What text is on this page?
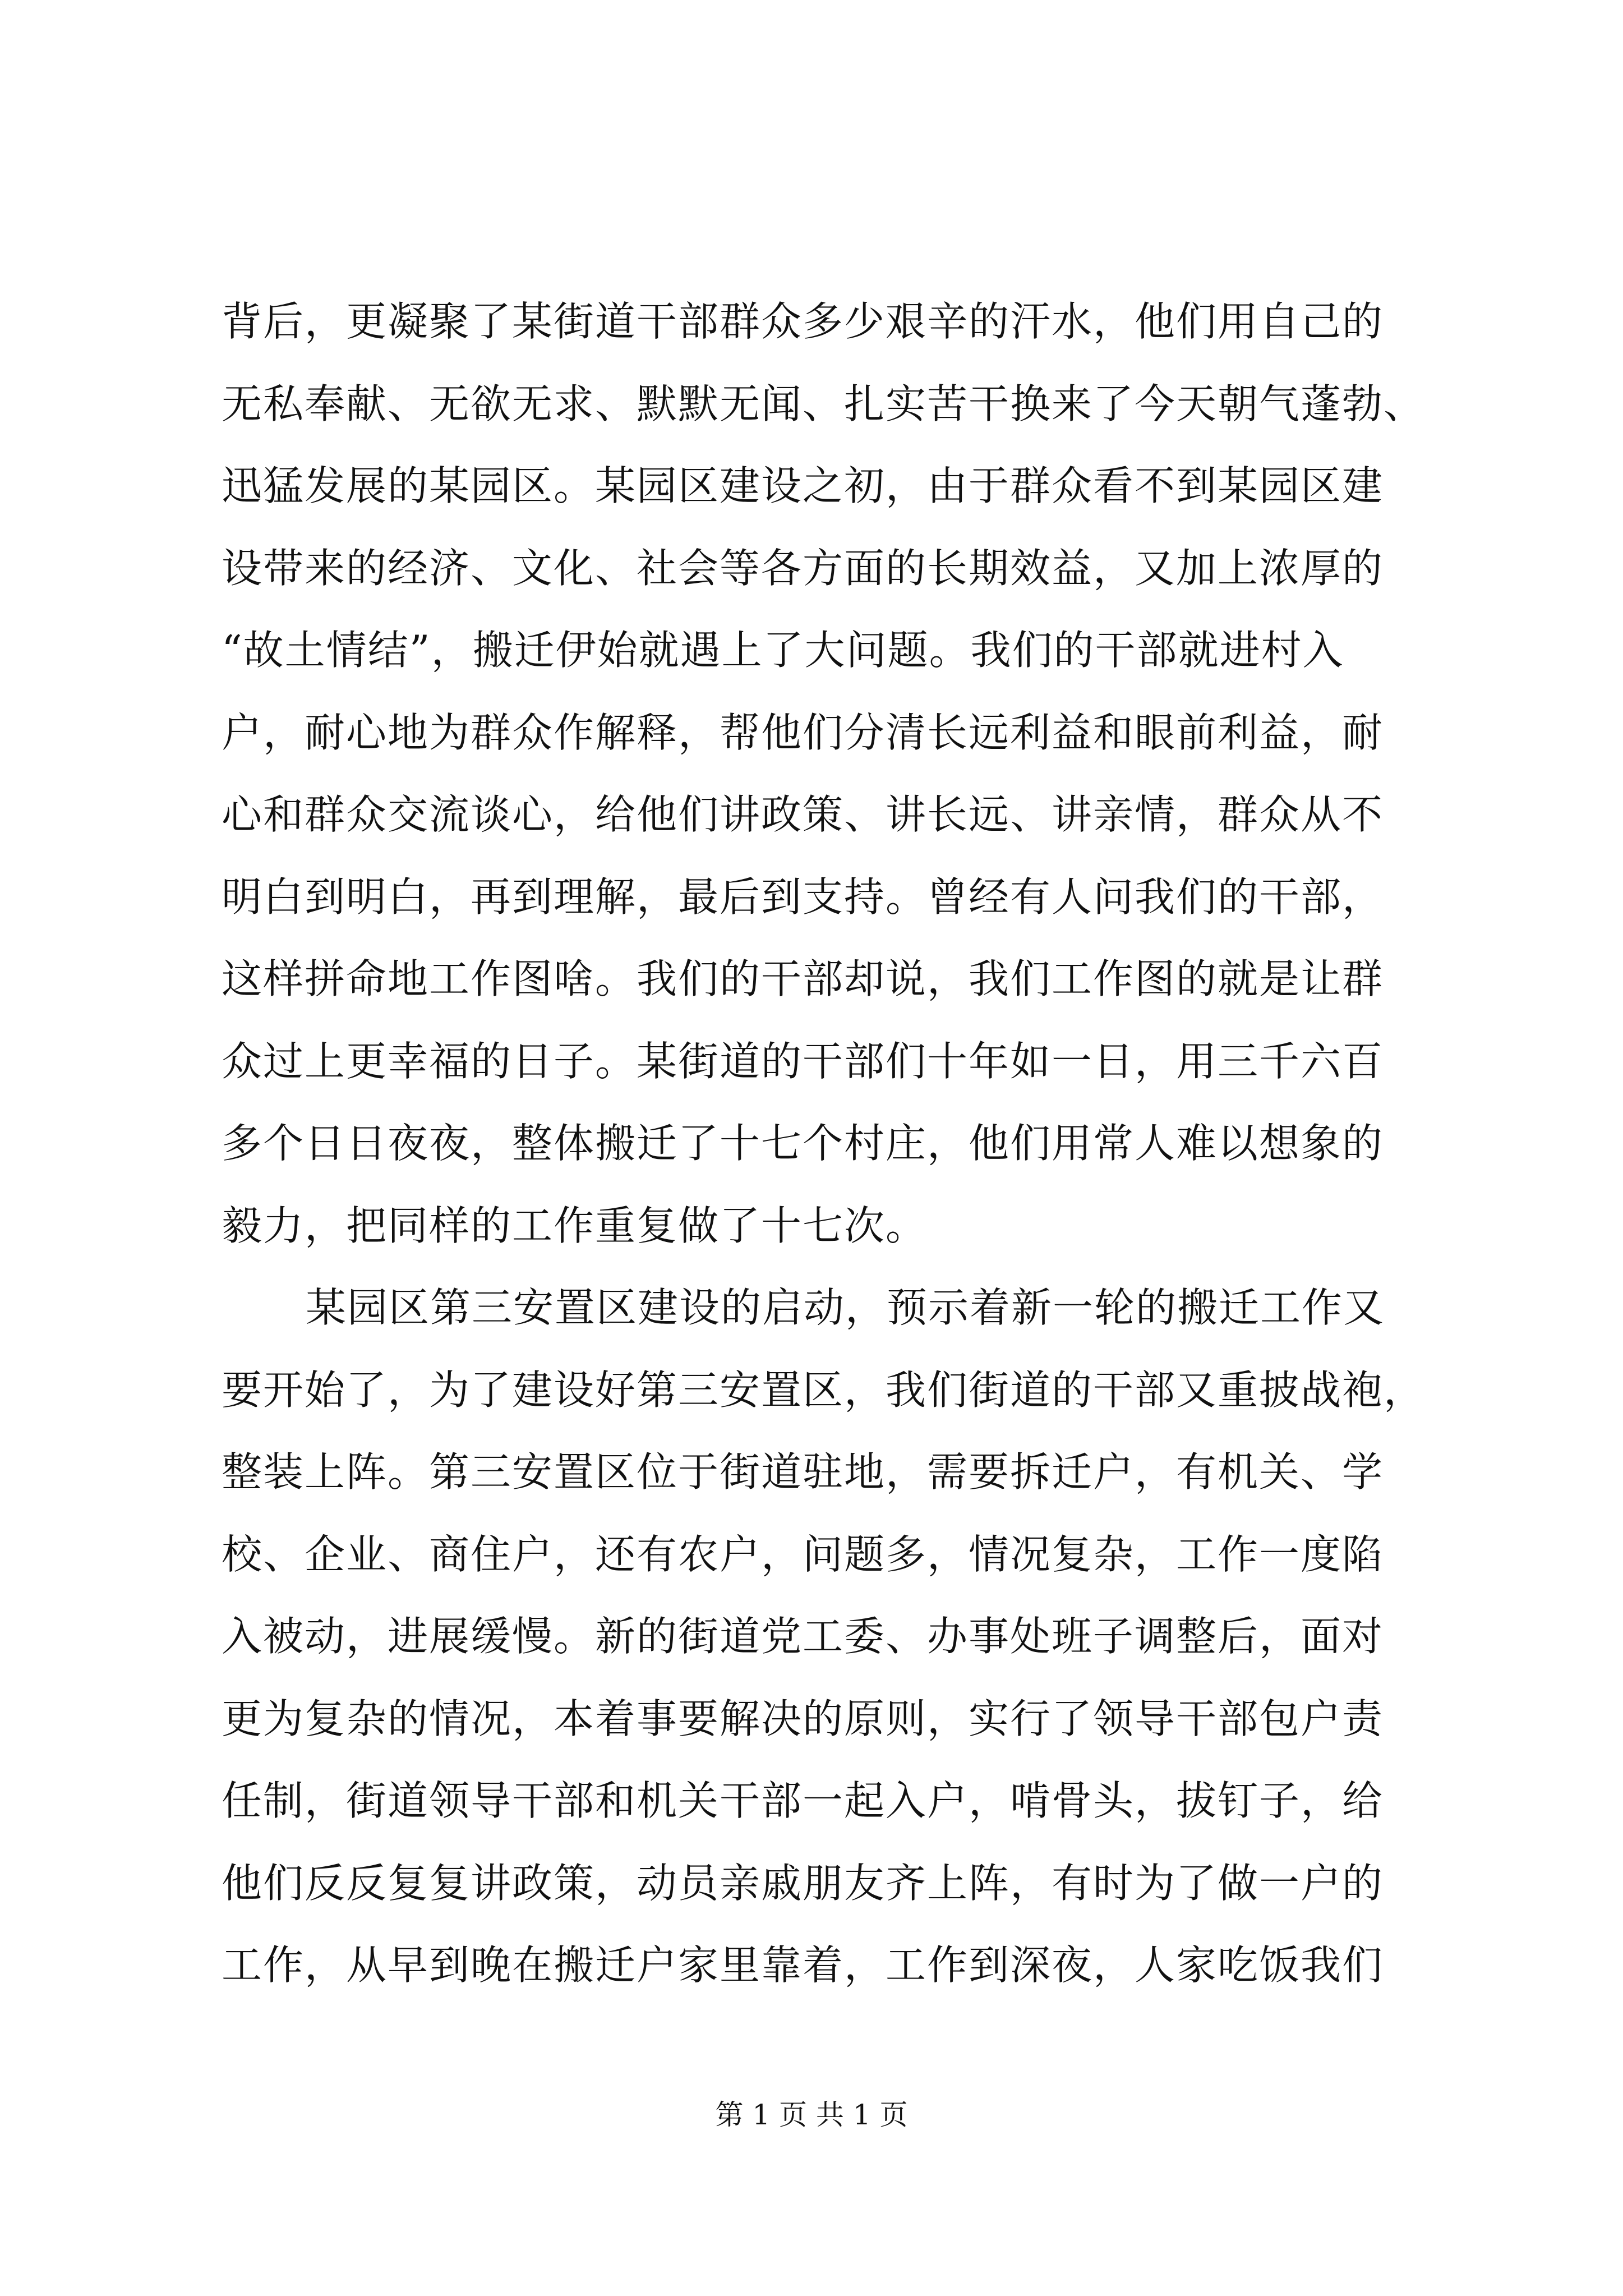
背后，更凝聚了某街道干部群众多少艰辛的汗水，他们用自己的
无私奉献、无欲无求、默默无闻、扎实苦干换来了今天朝气蓬勃、
迅猛发展的某园区。某园区建设之初，由于群众看不到某园区建
设带来的经济、文化、社会等各方面的长期效益，又加上浓厚的
“故土情结”，搬迁伊始就遇上了大问题。我们的干部就进村入
户，耐心地为群众作解释，帮他们分清长远利益和眼前利益，耐
心和群众交流谈心，给他们讲政策、讲长远、讲亲情，群众从不
明白到明白，再到理解，最后到支持。曾经有人问我们的干部，
这样拼命地工作图啥。我们的干部却说，我们工作图的就是让群
众过上更幸福的日子。某街道的干部们十年如一日，用三千六百
多个日日夜夜，整体搬迁了十七个村庄，他们用常人难以想象的
毅力，把同样的工作重复做了十七次。
某园区第三安置区建设的启动，预示着新一轮的搬迁工作又
要开始了，为了建设好第三安置区，我们街道的干部又重披战袍，
整装上阵。第三安置区位于街道驻地，需要拆迁户，有机关、学
校、企业、商住户，还有农户，问题多，情况复杂，工作一度陷
入被动，进展缓慢。新的街道党工委、办事处班子调整后，面对
更为复杂的情况，本着事要解决的原则，实行了领导干部包户责
任制，街道领导干部和机关干部一起入户，啃骨头，拔钉子，给
他们反反复复讲政策，动员亲戚朋友齐上阵，有时为了做一户的
工作，从早到晚在搬迁户家里靠着，工作到深夜，人家吃饭我们
第 1 页 共 1 页
